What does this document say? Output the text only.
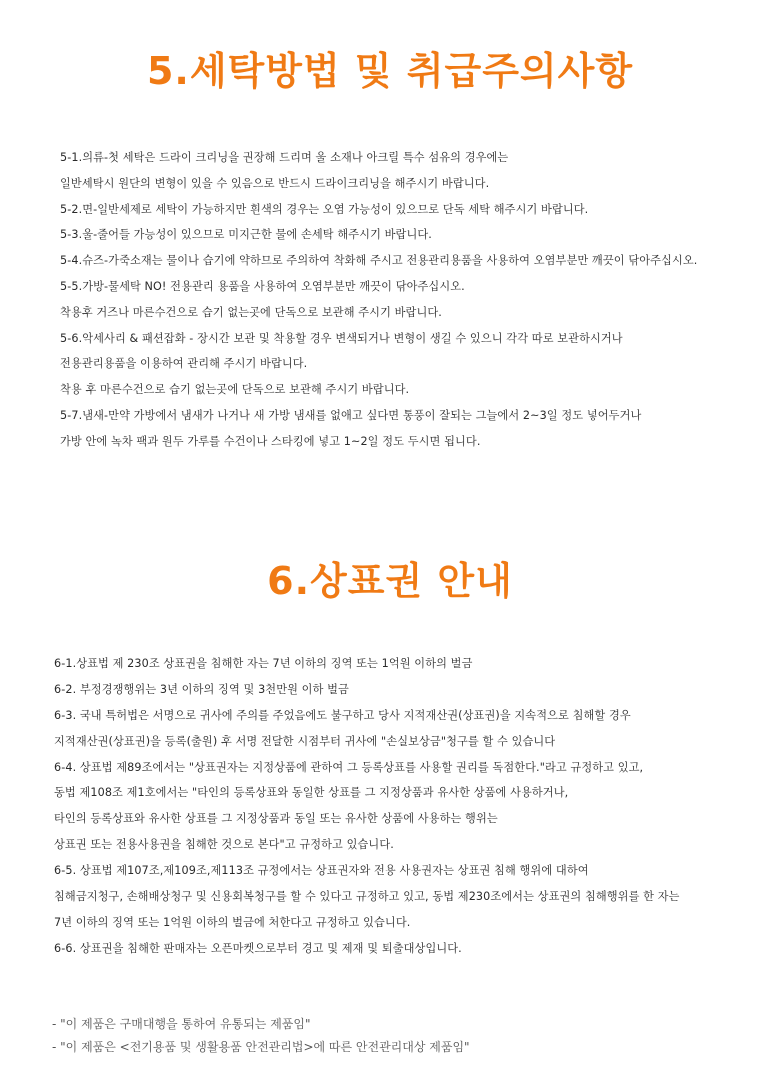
5.세탁방법 및 취급주의사항
5-1.의류-첫 세탁은 드라이 크리닝을 권장해 드리며 울 소재나 아크릴 특수 섬유의 경우에는
일반세탁시 원단의 변형이 있을 수 있음으로 반드시 드라이크리닝을 해주시기 바랍니다.
5-2.면-일반세제로 세탁이 가능하지만 흰색의 경우는 오염 가능성이 있으므로 단독 세탁 해주시기 바랍니다.
5-3.울-줄어들 가능성이 있으므로 미지근한 물에 손세탁 해주시기 바랍니다.
5-4.슈즈-가죽소재는 물이나 습기에 약하므로 주의하여 착화해 주시고 전용관리용품을 사용하여 오염부분만 깨끗이 닦아주십시오.
5-5.가방-물세탁 NO! 전용관리 용품을 사용하여 오염부분만 깨끗이 닦아주십시오.
착용후 거즈나 마른수건으로 습기 없는곳에 단독으로 보관해 주시기 바랍니다.
5-6.악세사리 & 패션잡화 - 장시간 보관 및 착용할 경우 변색되거나 변형이 생길 수 있으니 각각 따로 보관하시거나
전용관리용품을 이용하여 관리해 주시기 바랍니다.
착용 후 마른수건으로 습기 없는곳에 단독으로 보관해 주시기 바랍니다.
5-7.냄새-만약 가방에서 냄새가 나거나 새 가방 냄새를 없애고 싶다면 통풍이 잘되는 그늘에서 2~3일 정도 넣어두거나
가방 안에 녹차 팩과 원두 가루를 수건이나 스타킹에 넣고 1~2일 정도 두시면 됩니다.
6.상표권 안내
6-1.상표법 제 230조 상표권을 침해한 자는 7년 이하의 징역 또는 1억원 이하의 벌금
6-2. 부정경쟁행위는 3년 이하의 징역 및 3천만원 이하 벌금
6-3. 국내 특허법은 서명으로 귀사에 주의를 주었음에도 불구하고 당사 지적재산권(상표권)을 지속적으로 침해할 경우
지적재산권(상표권)을 등록(출원) 후 서명 전달한 시점부터 귀사에 "손실보상금"청구를 할 수 있습니다
6-4. 상표법 제89조에서는 "상표권자는 지정상품에 관하여 그 등록상표를 사용할 권리를 독점한다."라고 규정하고 있고,
동법 제108조 제1호에서는 "타인의 등록상표와 동일한 상표를 그 지정상품과 유사한 상품에 사용하거나,
타인의 등록상표와 유사한 상표를 그 지정상품과 동일 또는 유사한 상품에 사용하는 행위는
상표권 또는 전용사용권을 침해한 것으로 본다"고 규정하고 있습니다.
6-5. 상표법 제107조,제109조,제113조 규정에서는 상표권자와 전용 사용권자는 상표권 침해 행위에 대하여
침해금지청구, 손해배상청구 및 신용회복청구를 할 수 있다고 규정하고 있고, 동법 제230조에서는 상표권의 침해행위를 한 자는
7년 이하의 징역 또는 1억원 이하의 벌금에 처한다고 규정하고 있습니다.
6-6. 상표권을 침해한 판매자는 오픈마켓으로부터 경고 및 제재 및 퇴출대상입니다.
- "이 제품은 구매대행을 통하여 유통되는 제품임"
- "이 제품은 <전기용품 및 생활용품 안전관리법>에 따른 안전관리대상 제품임"
